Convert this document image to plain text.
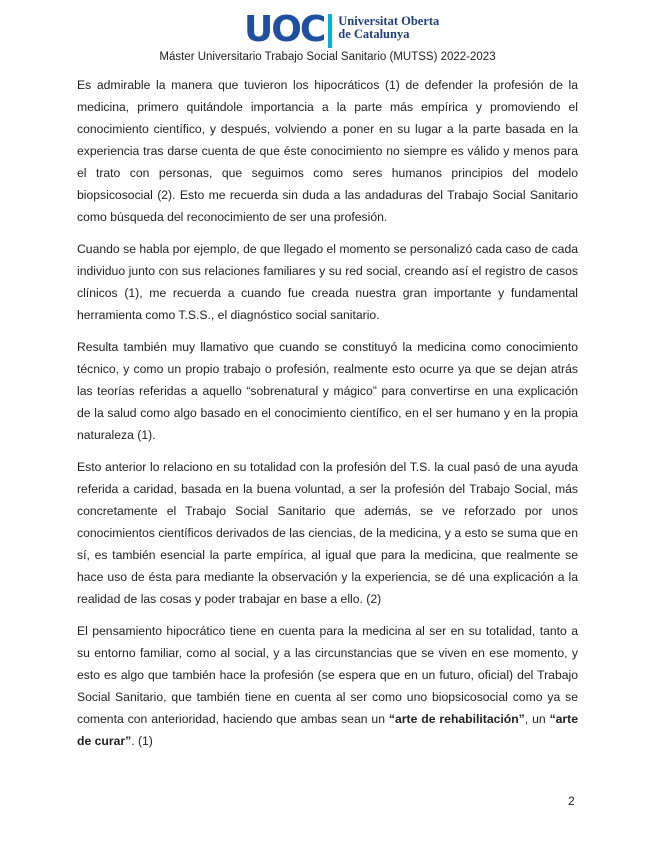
UOC Universitat Oberta
de Catalunya
Máster Universitario Trabajo Social Sanitario (MUTSS) 2022-2023

Es admirable la manera que tuvieron los hipocráticos (1) de defender la profesión de la medicina, primero quitándole importancia a la parte más empírica y promoviendo el conocimiento científico, y después, volviendo a poner en su lugar a la parte basada en la experiencia tras darse cuenta de que éste conocimiento no siempre es válido y menos para el trato con personas, que seguimos como seres humanos principios del modelo biopsicosocial (2). Esto me recuerda sin duda a las andaduras del Trabajo Social Sanitario como búsqueda del reconocimiento de ser una profesión.

Cuando se habla por ejemplo, de que llegado el momento se personalizó cada caso de cada individuo junto con sus relaciones familiares y su red social, creando así el registro de casos clínicos (1), me recuerda a cuando fue creada nuestra gran importante y fundamental herramienta como T.S.S., el diagnóstico social sanitario.

Resulta también muy llamativo que cuando se constituyó la medicina como conocimiento técnico, y como un propio trabajo o profesión, realmente esto ocurre ya que se dejan atrás las teorías referidas a aquello “sobrenatural y mágico” para convertirse en una explicación de la salud como algo basado en el conocimiento científico, en el ser humano y en la propia naturaleza (1).

Esto anterior lo relaciono en su totalidad con la profesión del T.S. la cual pasó de una ayuda referida a caridad, basada en la buena voluntad, a ser la profesión del Trabajo Social, más concretamente el Trabajo Social Sanitario que además, se ve reforzado por unos conocimientos científicos derivados de las ciencias, de la medicina, y a esto se suma que en sí, es también esencial la parte empírica, al igual que para la medicina, que realmente se hace uso de ésta para mediante la observación y la experiencia, se dé una explicación a la realidad de las cosas y poder trabajar en base a ello. (2)

El pensamiento hipocrático tiene en cuenta para la medicina al ser en su totalidad, tanto a su entorno familiar, como al social, y a las circunstancias que se viven en ese momento, y esto es algo que también hace la profesión (se espera que en un futuro, oficial) del Trabajo Social Sanitario, que también tiene en cuenta al ser como uno biopsicosocial como ya se comenta con anterioridad, haciendo que ambas sean un “arte de rehabilitación”, un “arte de curar”. (1)

2
